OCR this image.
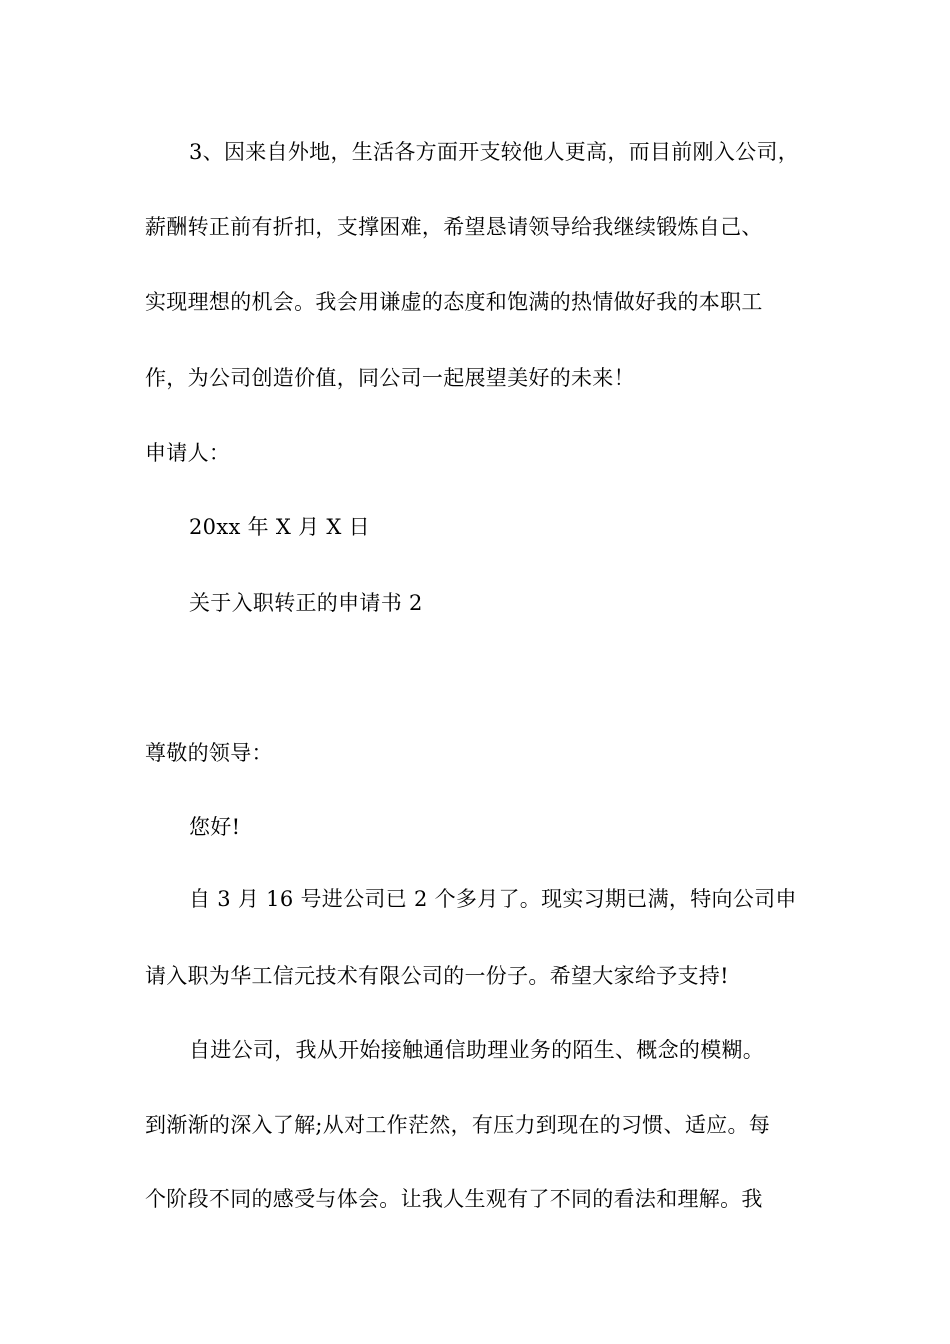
3、因来自外地，生活各方面开支较他人更高，而目前刚入公司，
薪酬转正前有折扣，支撑困难，希望恳请领导给我继续锻炼自己、
实现理想的机会。我会用谦虚的态度和饱满的热情做好我的本职工
作，为公司创造价值，同公司一起展望美好的未来！
申请人：
20xx 年 X 月 X 日
关于入职转正的申请书 2
尊敬的领导：
您好!
自 3 月 16 号进公司已 2 个多月了。现实习期已满，特向公司申
请入职为华工信元技术有限公司的一份子。希望大家给予支持!
自进公司，我从开始接触通信助理业务的陌生、概念的模糊。
到渐渐的深入了解;从对工作茫然，有压力到现在的习惯、适应。每
个阶段不同的感受与体会。让我人生观有了不同的看法和理解。我
